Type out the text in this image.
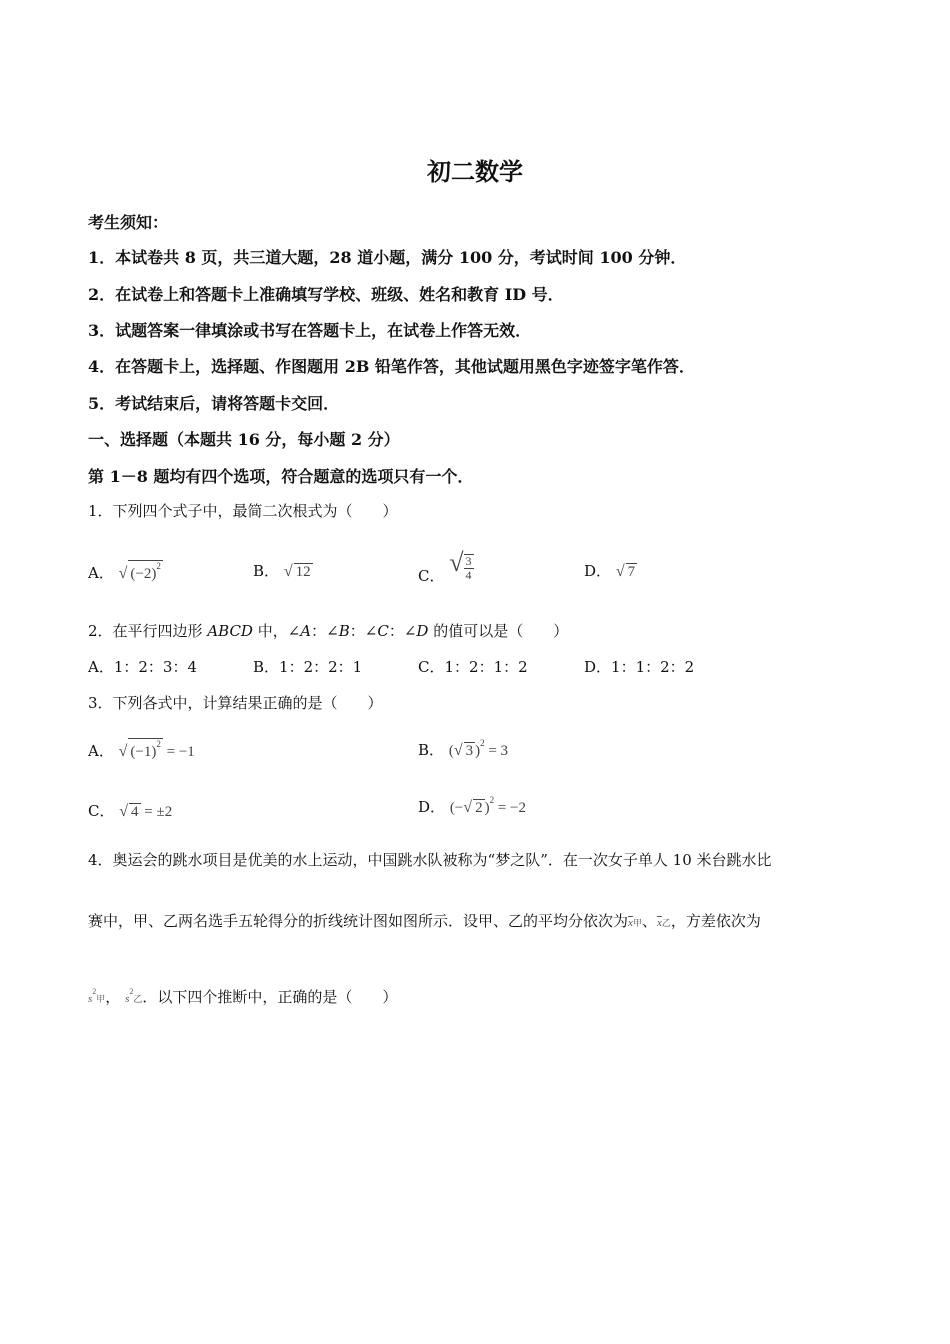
初二数学
考生须知：
1．本试卷共 8 页，共三道大题，28 道小题，满分 100 分，考试时间 100 分钟．
2．在试卷上和答题卡上准确填写学校、班级、姓名和教育 ID 号．
3．试题答案一律填涂或书写在答题卡上，在试卷上作答无效．
4．在答题卡上，选择题、作图题用 2B 铅笔作答，其他试题用黑色字迹签字笔作答．
5．考试结束后，请将答题卡交回．
一、选择题（本题共 16 分，每小题 2 分）
第 1－8 题均有四个选项，符合题意的选项只有一个．
1．下列四个式子中，最简二次根式为（　　）
A． √ $(-2)^2$	B． √ 12	C． √ $\frac{3}{4}$	D． √ 7
2．在平行四边形 ABCD 中，∠A：∠B：∠C：∠D 的值可以是（　　）
A．1：2：3：4	B．1：2：2：1	C．1：2：1：2	D．1：1：2：2
3．下列各式中，计算结果正确的是（　　）
A． √ $(-1)^2 = -1$	B． (√ 3 )$^2$ = 3
C． √ 4 = ±2	D． (−√ 2 )$^2$ = −2
4．奥运会的跳水项目是优美的水上运动，中国跳水队被称为“梦之队”．在一次女子单人 10 米台跳水比
赛中，甲、乙两名选手五轮得分的折线统计图如图所示．设甲、乙的平均分依次为$\overline{x}$甲、$\overline{x}$乙，方差依次为
$s^2$甲， $s^2$乙．以下四个推断中，正确的是（　　）
